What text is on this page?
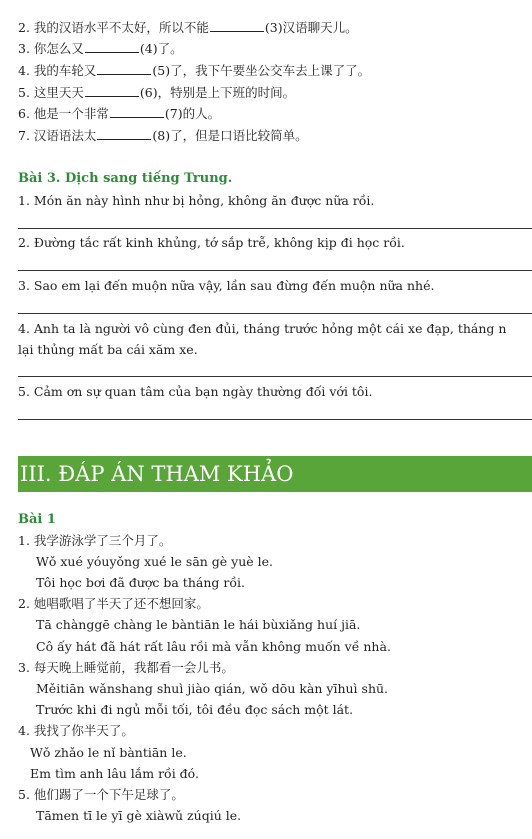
2. 我的汉语水平不太好，所以不能	(3)汉语聊天儿。
3. 你怎么又	(4)了。
4. 我的车轮又	(5)了，我下午要坐公交车去上课了了。
5. 这里天天	(6)，特别是上下班的时间。
6. 他是一个非常	(7)的人。
7. 汉语语法太	(8)了，但是口语比较简单。
Bài 3. Dịch sang tiếng Trung.
1. Món ăn này hình như bị hỏng, không ăn được nữa rồi.
2. Đường tắc rất kinh khủng, tớ sắp trễ, không kịp đi học rồi.
3. Sao em lại đến muộn nữa vậy, lần sau đừng đến muộn nữa nhé.
4. Anh ta là người vô cùng đen đủi, tháng trước hỏng một cái xe đạp, tháng n
lại thủng mất ba cái xăm xe.
5. Cảm ơn sự quan tâm của bạn ngày thường đối với tôi.
III. ĐÁP ÁN THAM KHẢO
Bài 1
1. 我学游泳学了三个月了。
Wǒ xué yóuyǒng xué le sān gè yuè le.
Tôi học bơi đã được ba tháng rồi.
2. 她唱歌唱了半天了还不想回家。
Tā chànggē chàng le bàntiān le hái bùxiǎng huí jiā.
Cô ấy hát đã hát rất lâu rồi mà vẫn không muốn về nhà.
3. 每天晚上睡觉前，我都看一会儿书。
Měitiān wǎnshang shuì jiào qián, wǒ dōu kàn yīhuì shū.
Trước khi đi ngủ mỗi tối, tôi đều đọc sách một lát.
4. 我找了你半天了。
Wǒ zhǎo le nǐ bàntiān le.
Em tìm anh lâu lắm rồi đó.
5. 他们踢了一个下午足球了。
Tāmen tī le yī gè xiàwǔ zúqiú le.
